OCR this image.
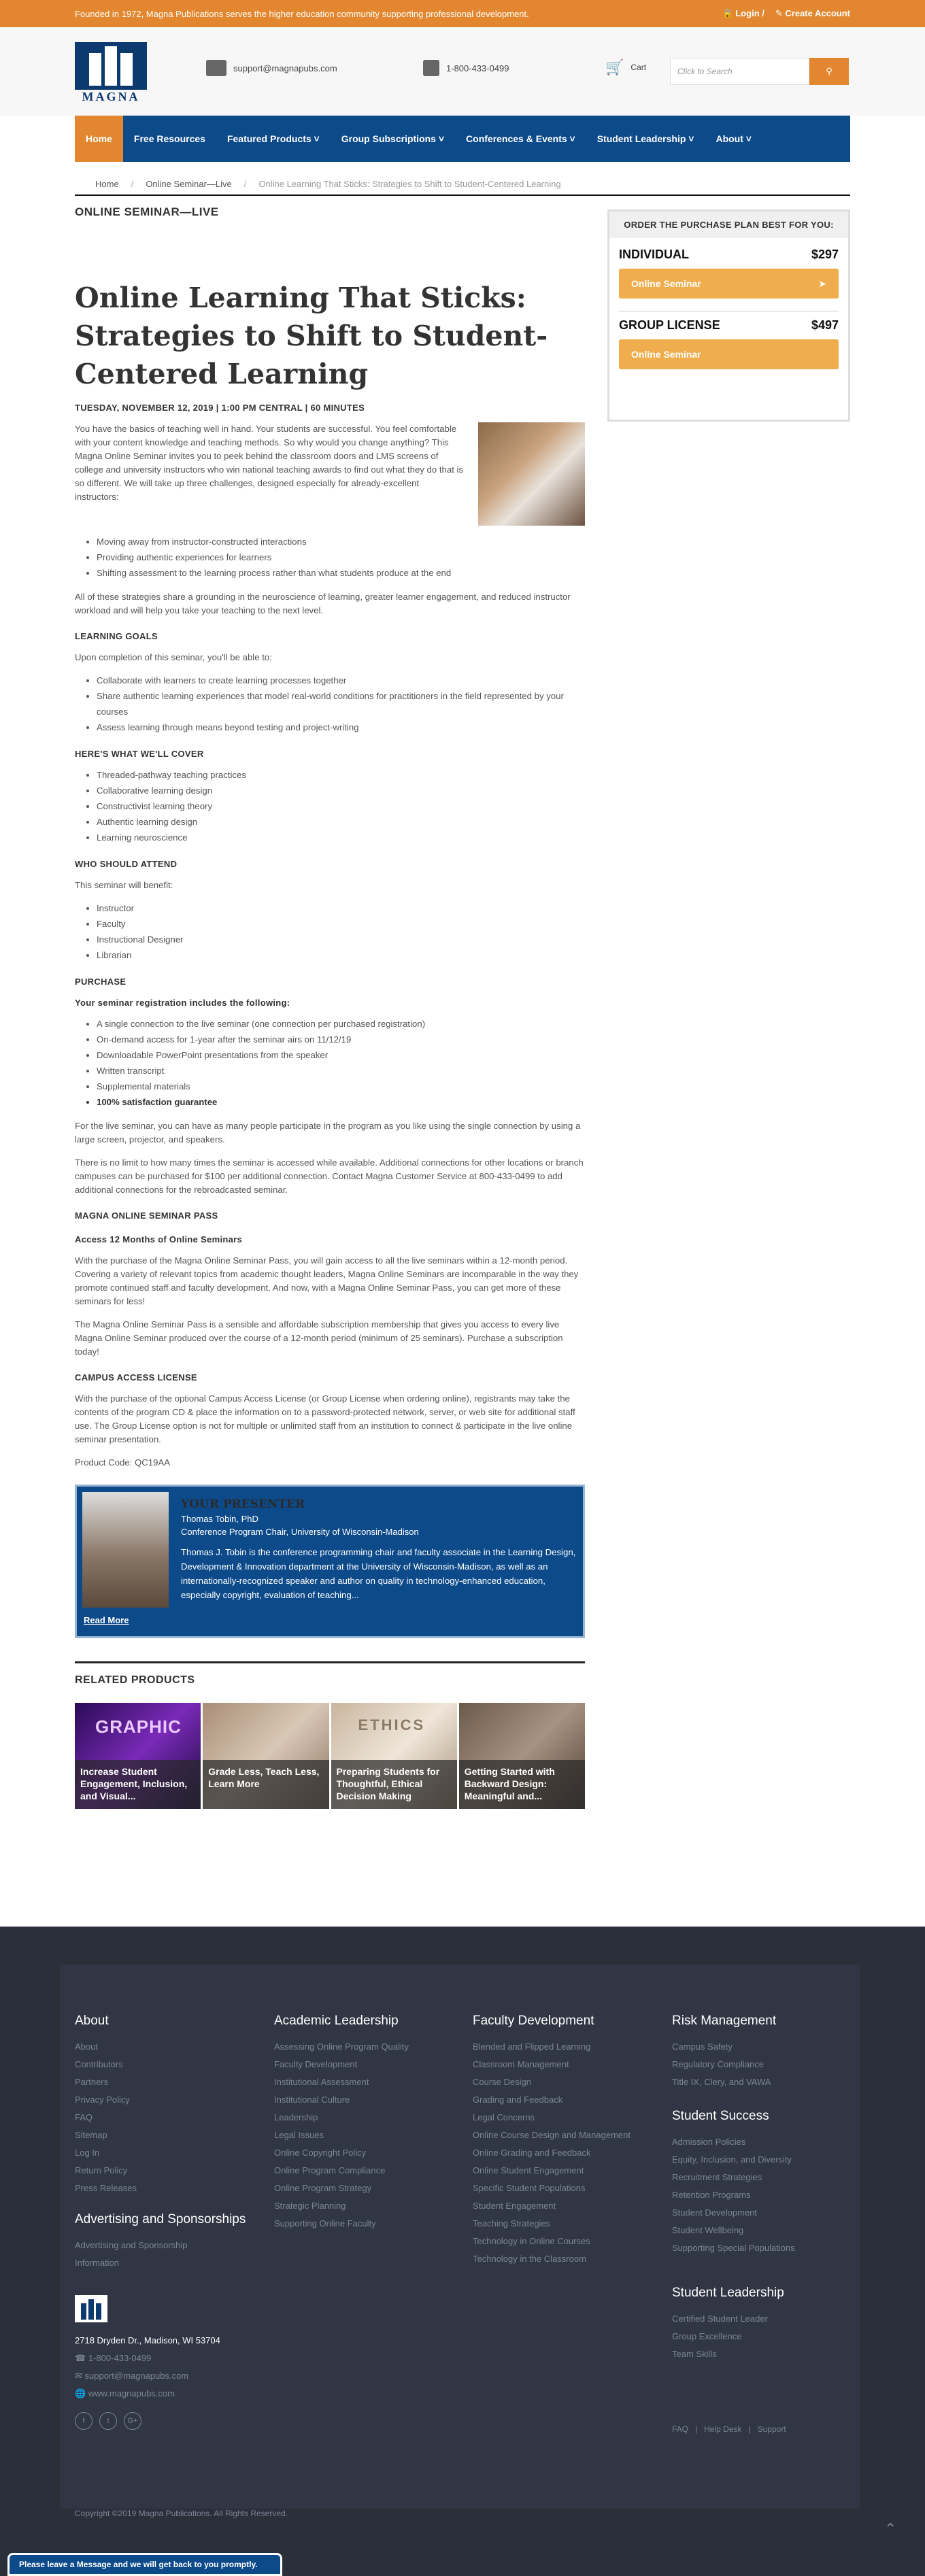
Founded in 1972, Magna Publications serves the higher education community supporting professional development.	🔒 Login / ✎ Create Account
MAGNA
support@magnapubs.com	1-800-433-0499	🛒 Cart	Click to Search	⚲
Home	Free Resources	Featured Products ˅	Group Subscriptions ˅	Conferences & Events ˅	Student Leadership ˅	About ˅
Home / Online Seminar—Live / Online Learning That Sticks: Strategies to Shift to Student-Centered Learning
ONLINE SEMINAR—LIVE
Online Learning That Sticks: Strategies to Shift to Student-Centered Learning
TUESDAY, NOVEMBER 12, 2019 | 1:00 PM CENTRAL | 60 MINUTES

You have the basics of teaching well in hand. Your students are successful. You feel comfortable with your content knowledge and teaching methods. So why would you change anything? This Magna Online Seminar invites you to peek behind the classroom doors and LMS screens of college and university instructors who win national teaching awards to find out what they do that is so different. We will take up three challenges, designed especially for already-excellent instructors:

• Moving away from instructor-constructed interactions
• Providing authentic experiences for learners
• Shifting assessment to the learning process rather than what students produce at the end

All of these strategies share a grounding in the neuroscience of learning, greater learner engagement, and reduced instructor workload and will help you take your teaching to the next level.

LEARNING GOALS

Upon completion of this seminar, you'll be able to:

• Collaborate with learners to create learning processes together
• Share authentic learning experiences that model real-world conditions for practitioners in the field represented by your courses
• Assess learning through means beyond testing and project-writing
HERE'S WHAT WE'LL COVER
• Threaded-pathway teaching practices
• Collaborative learning design
• Constructivist learning theory
• Authentic learning design
• Learning neuroscience
WHO SHOULD ATTEND

This seminar will benefit:

• Instructor
• Faculty
• Instructional Designer
• Librarian
PURCHASE
Your seminar registration includes the following:
• A single connection to the live seminar (one connection per purchased registration)
• On-demand access for 1-year after the seminar airs on 11/12/19
• Downloadable PowerPoint presentations from the speaker
• Written transcript
• Supplemental materials
• 100% satisfaction guarantee

For the live seminar, you can have as many people participate in the program as you like using the single connection by using a large screen, projector, and speakers.

There is no limit to how many times the seminar is accessed while available. Additional connections for other locations or branch campuses can be purchased for $100 per additional connection. Contact Magna Customer Service at 800-433-0499 to add additional connections for the rebroadcasted seminar.

MAGNA ONLINE SEMINAR PASS
Access 12 Months of Online Seminars

With the purchase of the Magna Online Seminar Pass, you will gain access to all the live seminars within a 12-month period. Covering a variety of relevant topics from academic thought leaders, Magna Online Seminars are incomparable in the way they promote continued staff and faculty development. And now, with a Magna Online Seminar Pass, you can get more of these seminars for less!

The Magna Online Seminar Pass is a sensible and affordable subscription membership that gives you access to every live Magna Online Seminar produced over the course of a 12-month period (minimum of 25 seminars). Purchase a subscription today!

CAMPUS ACCESS LICENSE

With the purchase of the optional Campus Access License (or Group License when ordering online), registrants may take the contents of the program CD & place the information on to a password-protected network, server, or web site for additional staff use. The Group License option is not for multiple or unlimited staff from an institution to connect & participate in the live online seminar presentation.

Product Code: QC19AA

YOUR PRESENTER
Thomas Tobin, PhD
Conference Program Chair, University of Wisconsin-Madison

Thomas J. Tobin is the conference programming chair and faculty associate in the Learning Design, Development & Innovation department at the University of Wisconsin-Madison, as well as an internationally-recognized speaker and author on quality in technology-enhanced education, especially copyright, evaluation of teaching...

Read More
RELATED PRODUCTS
GRAPHIC
Increase Student Engagement, Inclusion, and Visual...
Grade Less, Teach Less, Learn More
ETHICS
Preparing Students for Thoughtful, Ethical Decision Making
Getting Started with Backward Design: Meaningful and...
ORDER THE PURCHASE PLAN BEST FOR YOU:
INDIVIDUAL	$297
Online Seminar	➤
GROUP LICENSE	$497
Online Seminar
About
About
Contributors
Partners
Privacy Policy
FAQ
Sitemap
Log In
Return Policy
Press Releases
Advertising and Sponsorships
Advertising and Sponsorship Information
2718 Dryden Dr., Madison, WI 53704
☎ 1-800-433-0499
✉ support@magnapubs.com
🌐 www.magnapubs.com
f	t	G+
Academic Leadership
Assessing Online Program Quality
Faculty Development
Institutional Assessment
Institutional Culture
Leadership
Legal Issues
Online Copyright Policy
Online Program Compliance
Online Program Strategy
Strategic Planning
Supporting Online Faculty
Faculty Development
Blended and Flipped Learning
Classroom Management
Course Design
Grading and Feedback
Legal Concerns
Online Course Design and Management
Online Grading and Feedback
Online Student Engagement
Specific Student Populations
Student Engagement
Teaching Strategies
Technology in Online Courses
Technology in the Classroom
Risk Management
Campus Safety
Regulatory Compliance
Title IX, Clery, and VAWA
Student Success
Admission Policies
Equity, Inclusion, and Diversity
Recruitment Strategies
Retention Programs
Student Development
Student Wellbeing
Supporting Special Populations
Student Leadership
Certified Student Leader
Group Excellence
Team Skills
FAQ | Help Desk | Support
Copyright ©2019 Magna Publications. All Rights Reserved.
⌃
Please leave a Message and we will get back to you promptly.
